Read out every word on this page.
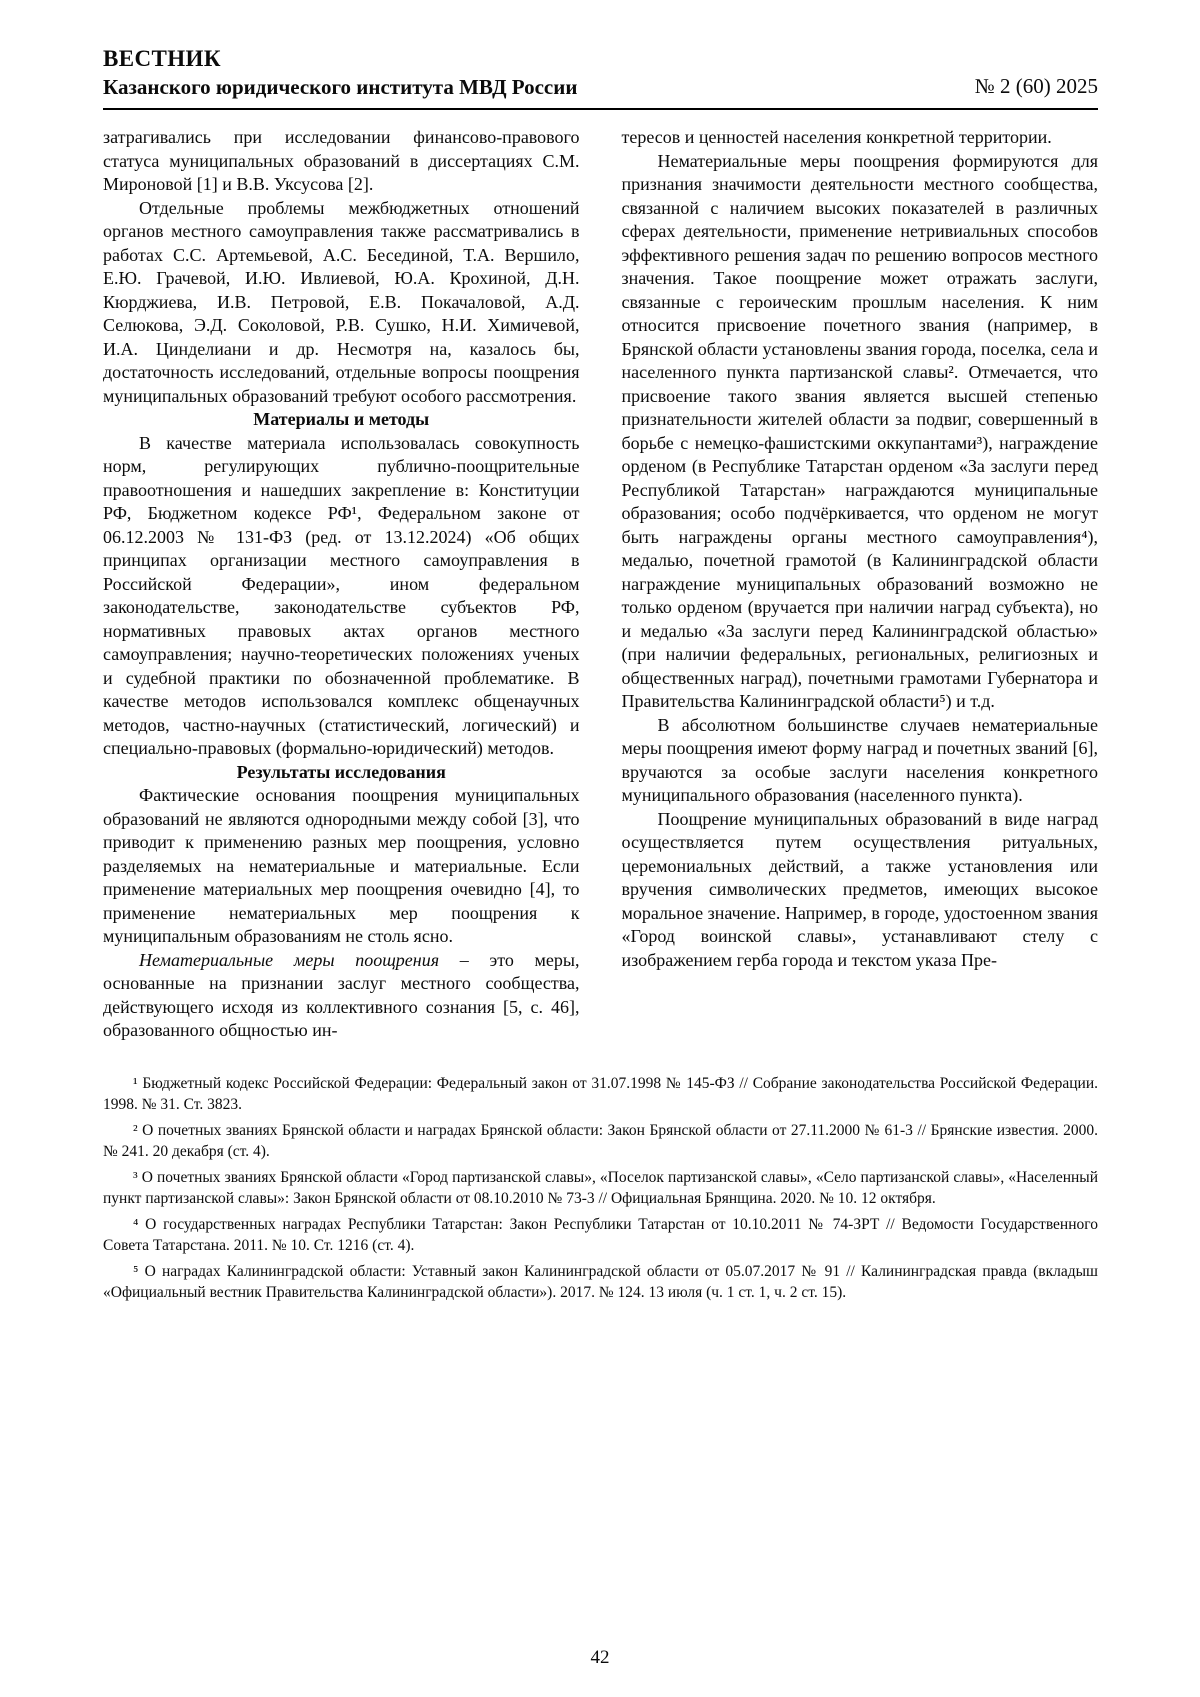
ВЕСТНИК
Казанского юридического института МВД России	№ 2 (60) 2025

затрагивались при исследовании финансово-правового статуса муниципальных образований в диссертациях С.М. Мироновой [1] и В.В. Уксусова [2].

Отдельные проблемы межбюджетных отношений органов местного самоуправления также рассматривались в работах С.С. Артемьевой, А.С. Бесединой, Т.А. Вершило, Е.Ю. Грачевой, И.Ю. Ивлиевой, Ю.А. Крохиной, Д.Н. Кюрджиева, И.В. Петровой, Е.В. Покачаловой, А.Д. Селюкова, Э.Д. Соколовой, Р.В. Сушко, Н.И. Химичевой, И.А. Цинделиани и др. Несмотря на, казалось бы, достаточность исследований, отдельные вопросы поощрения муниципальных образований требуют особого рассмотрения.

Материалы и методы

В качестве материала использовалась совокупность норм, регулирующих публично-поощрительные правоотношения и нашедших закрепление в: Конституции РФ, Бюджетном кодексе РФ¹, Федеральном законе от 06.12.2003 № 131-ФЗ (ред. от 13.12.2024) «Об общих принципах организации местного самоуправления в Российской Федерации», ином федеральном законодательстве, законодательстве субъектов РФ, нормативных правовых актах органов местного самоуправления; научно-теоретических положениях ученых и судебной практики по обозначенной проблематике. В качестве методов использовался комплекс общенаучных методов, частно-научных (статистический, логический) и специально-правовых (формально-юридический) методов.

Результаты исследования

Фактические основания поощрения муниципальных образований не являются однородными между собой [3], что приводит к применению разных мер поощрения, условно разделяемых на нематериальные и материальные. Если применение материальных мер поощрения очевидно [4], то применение нематериальных мер поощрения к муниципальным образованиям не столь ясно.

Нематериальные меры поощрения – это меры, основанные на признании заслуг местного сообщества, действующего исходя из коллективного сознания [5, с. 46], образованного общностью ин-

тересов и ценностей населения конкретной территории.

Нематериальные меры поощрения формируются для признания значимости деятельности местного сообщества, связанной с наличием высоких показателей в различных сферах деятельности, применение нетривиальных способов эффективного решения задач по решению вопросов местного значения. Такое поощрение может отражать заслуги, связанные с героическим прошлым населения. К ним относится присвоение почетного звания (например, в Брянской области установлены звания города, поселка, села и населенного пункта партизанской славы². Отмечается, что присвоение такого звания является высшей степенью признательности жителей области за подвиг, совершенный в борьбе с немецко-фашистскими оккупантами³), награждение орденом (в Республике Татарстан орденом «За заслуги перед Республикой Татарстан» награждаются муниципальные образования; особо подчёркивается, что орденом не могут быть награждены органы местного самоуправления⁴), медалью, почетной грамотой (в Калининградской области награждение муниципальных образований возможно не только орденом (вручается при наличии наград субъекта), но и медалью «За заслуги перед Калининградской областью» (при наличии федеральных, региональных, религиозных и общественных наград), почетными грамотами Губернатора и Правительства Калининградской области⁵) и т.д.

В абсолютном большинстве случаев нематериальные меры поощрения имеют форму наград и почетных званий [6], вручаются за особые заслуги населения конкретного муниципального образования (населенного пункта).

Поощрение муниципальных образований в виде наград осуществляется путем осуществления ритуальных, церемониальных действий, а также установления или вручения символических предметов, имеющих высокое моральное значение. Например, в городе, удостоенном звания «Город воинской славы», устанавливают стелу с изображением герба города и текстом указа Пре-

¹ Бюджетный кодекс Российской Федерации: Федеральный закон от 31.07.1998 № 145-ФЗ // Собрание законодательства Российской Федерации. 1998. № 31. Ст. 3823.

² О почетных званиях Брянской области и наградах Брянской области: Закон Брянской области от 27.11.2000 № 61-3 // Брянские известия. 2000. № 241. 20 декабря (ст. 4).

³ О почетных званиях Брянской области «Город партизанской славы», «Поселок партизанской славы», «Село партизанской славы», «Населенный пункт партизанской славы»: Закон Брянской области от 08.10.2010 № 73-3 // Официальная Брянщина. 2020. № 10. 12 октября.

⁴ О государственных наградах Республики Татарстан: Закон Республики Татарстан от 10.10.2011 № 74-ЗРТ // Ведомости Государственного Совета Татарстана. 2011. № 10. Ст. 1216 (ст. 4).

⁵ О наградах Калининградской области: Уставный закон Калининградской области от 05.07.2017 № 91 // Калининградская правда (вкладыш «Официальный вестник Правительства Калининградской области»). 2017. № 124. 13 июля (ч. 1 ст. 1, ч. 2 ст. 15).

42
